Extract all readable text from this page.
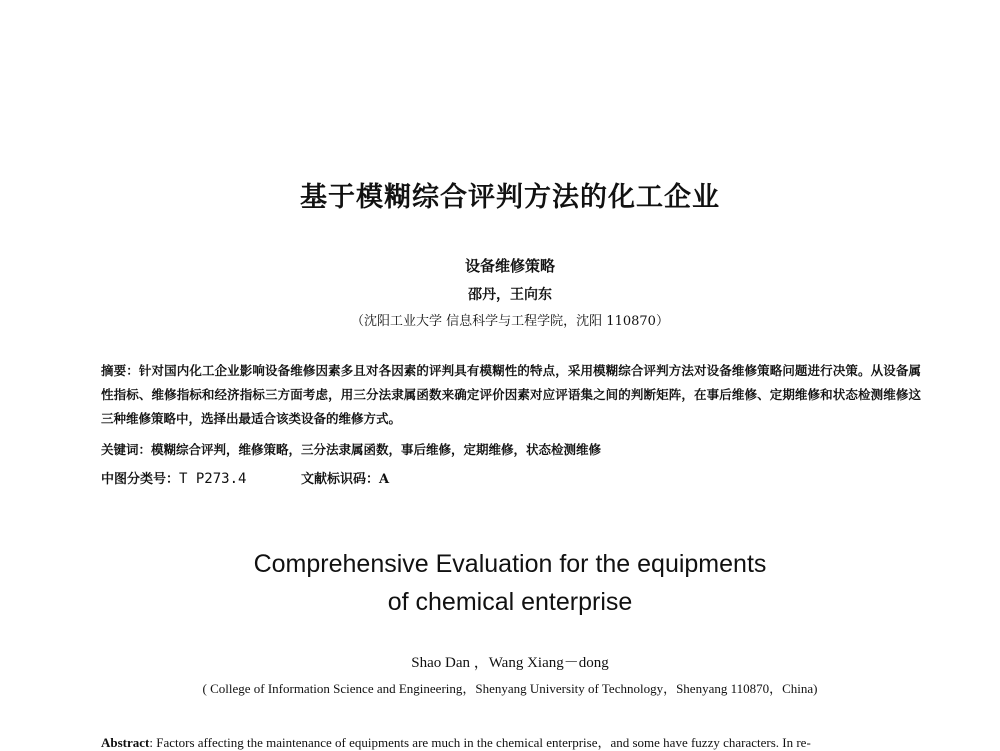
基于模糊综合评判方法的化工企业
设备维修策略
邵丹，王向东
（沈阳工业大学 信息科学与工程学院，沈阳 110870）
摘要：针对国内化工企业影响设备维修因素多且对各因素的评判具有模糊性的特点，采用模糊综合评判方法对设备维修策略问题进行决策。从设备属性指标、维修指标和经济指标三方面考虑，用三分法隶属函数来确定评价因素对应评语集之间的判断矩阵，在事后维修、定期维修和状态检测维修这三种维修策略中，选择出最适合该类设备的维修方式。
关键词：模糊综合评判，维修策略，三分法隶属函数，事后维修，定期维修，状态检测维修
中图分类号：T P273.4	文献标识码：A
Comprehensive Evaluation for the equipments
of chemical enterprise
Shao Dan ，Wang Xiang－dong
( College of Information Science and Engineering，Shenyang University of Technology，Shenyang 110870，China)
Abstract: Factors affecting the maintenance of equipments are much in the chemical enterprise，and some have fuzzy characters. In re-
